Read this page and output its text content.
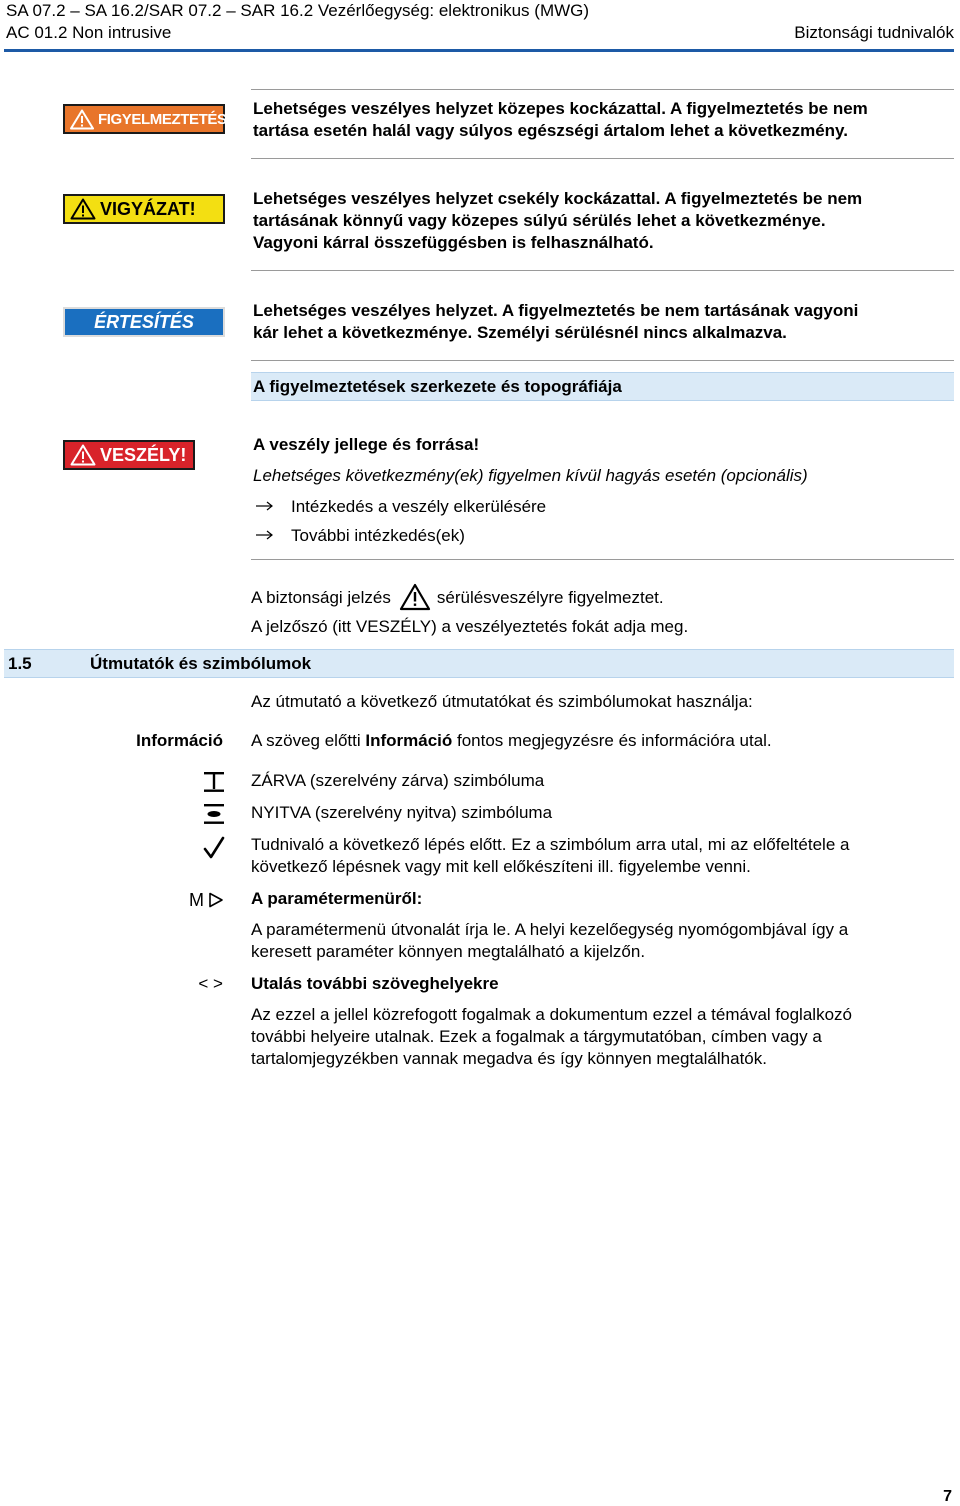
SA 07.2 – SA 16.2/SAR 07.2 – SAR 16.2 Vezérlőegység: elektronikus (MWG)
AC 01.2 Non intrusive	Biztonsági tudnivalók
FIGYELMEZTETÉS!
Lehetséges veszélyes helyzet közepes kockázattal. A figyelmeztetés be nem
tartása esetén halál vagy súlyos egészségi ártalom lehet a következmény.
VIGYÁZAT!	Lehetséges veszélyes helyzet csekély kockázattal. A figyelmeztetés be nem
tartásának könnyű vagy közepes súlyú sérülés lehet a következménye.
Vagyoni kárral összefüggésben is felhasználható.
ÉRTESÍTÉS
Lehetséges veszélyes helyzet. A figyelmeztetés be nem tartásának vagyoni
kár lehet a következménye. Személyi sérülésnél nincs alkalmazva.
A figyelmeztetések szerkezete és topográfiája
VESZÉLY!	A veszély jellege és forrása!
Lehetséges következmény(ek) figyelmen kívül hagyás esetén (opcionális)
Intézkedés a veszély elkerülésére
További intézkedés(ek)
A biztonsági jelzés	sérülésveszélyre figyelmeztet.
A jelzőszó (itt VESZÉLY) a veszélyeztetés fokát adja meg.
1.5	Útmutatók és szimbólumok
Az útmutató a következő útmutatókat és szimbólumokat használja:
Információ A szöveg előtti Információ fontos megjegyzésre és információra utal.
ZÁRVA (szerelvény zárva) szimbóluma
NYITVA (szerelvény nyitva) szimbóluma
Tudnivaló a következő lépés előtt. Ez a szimbólum arra utal, mi az előfeltétele a
következő lépésnek vagy mit kell előkészíteni ill. figyelembe venni.
M	A paramétermenüről:
A paramétermenü útvonalát írja le. A helyi kezelőegység nyomógombjával így a
keresett paraméter könnyen megtalálható a kijelzőn.
< > Utalás további szöveghelyekre
Az ezzel a jellel közrefogott fogalmak a dokumentum ezzel a témával foglalkozó
további helyeire utalnak. Ezek a fogalmak a tárgymutatóban, címben vagy a
tartalomjegyzékben vannak megadva és így könnyen megtalálhatók.
7
